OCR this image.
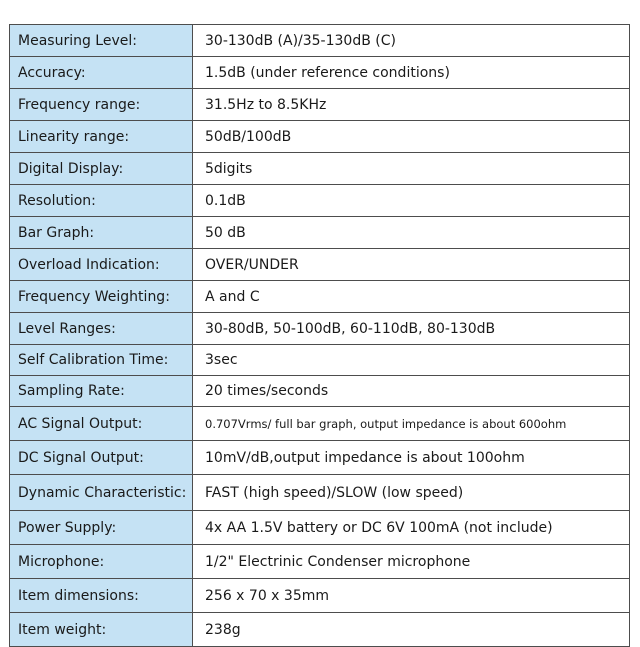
Measuring Level:	30-130dB (A)/35-130dB (C)
Accuracy:	1.5dB (under reference conditions)
Frequency range:	31.5Hz to 8.5KHz
Linearity range:	50dB/100dB
Digital Display:	5digits
Resolution:	0.1dB
Bar Graph:	50 dB
Overload Indication:	OVER/UNDER
Frequency Weighting:	A and C
Level Ranges:	30-80dB, 50-100dB, 60-110dB, 80-130dB
Self Calibration Time:	3sec
Sampling Rate:	20 times/seconds
AC Signal Output:	0.707Vrms/ full bar graph, output impedance is about 600ohm
DC Signal Output:	10mV/dB,output impedance is about 100ohm
Dynamic Characteristic:	FAST (high speed)/SLOW (low speed)
Power Supply:	4x AA 1.5V battery or DC 6V 100mA (not include)
Microphone:	1/2" Electrinic Condenser microphone
Item dimensions:	256 x 70 x 35mm
Item weight:	238g
